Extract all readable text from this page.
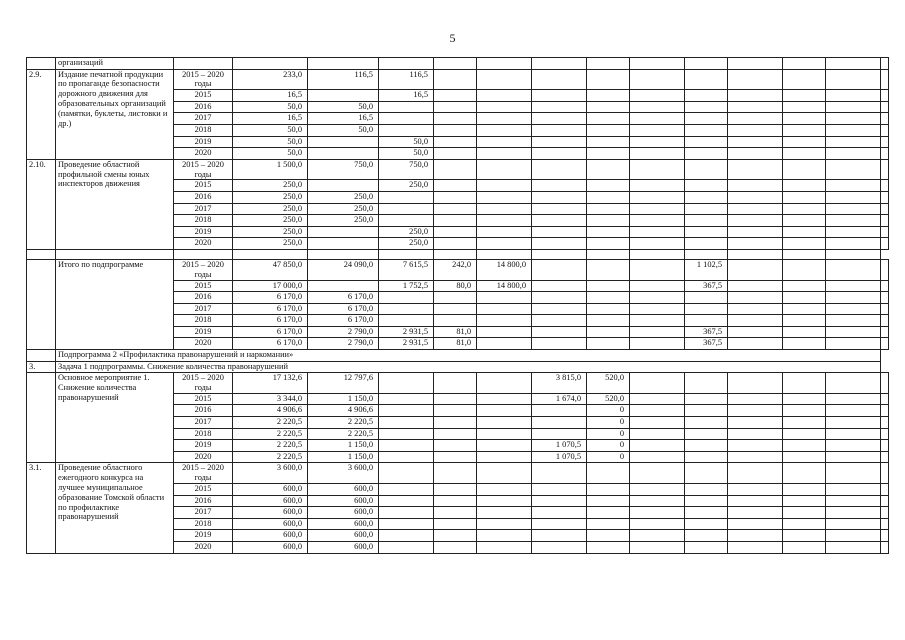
5
	организаций														
2.9.	Издание печатной продукции по пропаганде безопасности дорожного движения для образовательных организаций (памятки, буклеты, листовки и др.)	2015 – 2020 годы	233,0	116,5	116,5										
		2015	16,5		16,5										
		2016	50,0	50,0											
		2017	16,5	16,5											
		2018	50,0	50,0											
		2019	50,0		50,0										
		2020	50,0		50,0										
2.10.	Проведение областной профильной смены юных инспекторов движения	2015 – 2020 годы	1 500,0	750,0	750,0										
		2015	250,0		250,0										
		2016	250,0	250,0											
		2017	250,0	250,0											
		2018	250,0	250,0											
		2019	250,0		250,0										
		2020	250,0		250,0										

	Итого по подпрограмме	2015 – 2020 годы	47 850,0	24 090,0	7 615,5	242,0	14 800,0				1 102,5				
		2015	17 000,0		1 752,5	80,0	14 800,0				367,5				
		2016	6 170,0	6 170,0											
		2017	6 170,0	6 170,0											
		2018	6 170,0	6 170,0											
		2019	6 170,0	2 790,0	2 931,5	81,0					367,5				
		2020	6 170,0	2 790,0	2 931,5	81,0					367,5				
	Подпрограмма 2 «Профилактика правонарушений и наркомании»														
3.	Задача 1 подпрограммы. Снижение количества правонарушений														
	Основное мероприятие 1. Снижение количества правонарушений	2015 – 2020 годы	17 132,6	12 797,6				3 815,0	520,0						
		2015	3 344,0	1 150,0				1 674,0	520,0						
		2016	4 906,6	4 906,6					0						
		2017	2 220,5	2 220,5					0						
		2018	2 220,5	2 220,5					0						
		2019	2 220,5	1 150,0				1 070,5	0						
		2020	2 220,5	1 150,0				1 070,5	0						
3.1.	Проведение областного ежегодного конкурса на лучшее муниципальное образование Томской области по профилактике правонарушений	2015 – 2020 годы	3 600,0	3 600,0											
		2015	600,0	600,0											
		2016	600,0	600,0											
		2017	600,0	600,0											
		2018	600,0	600,0											
		2019	600,0	600,0											
		2020	600,0	600,0											
